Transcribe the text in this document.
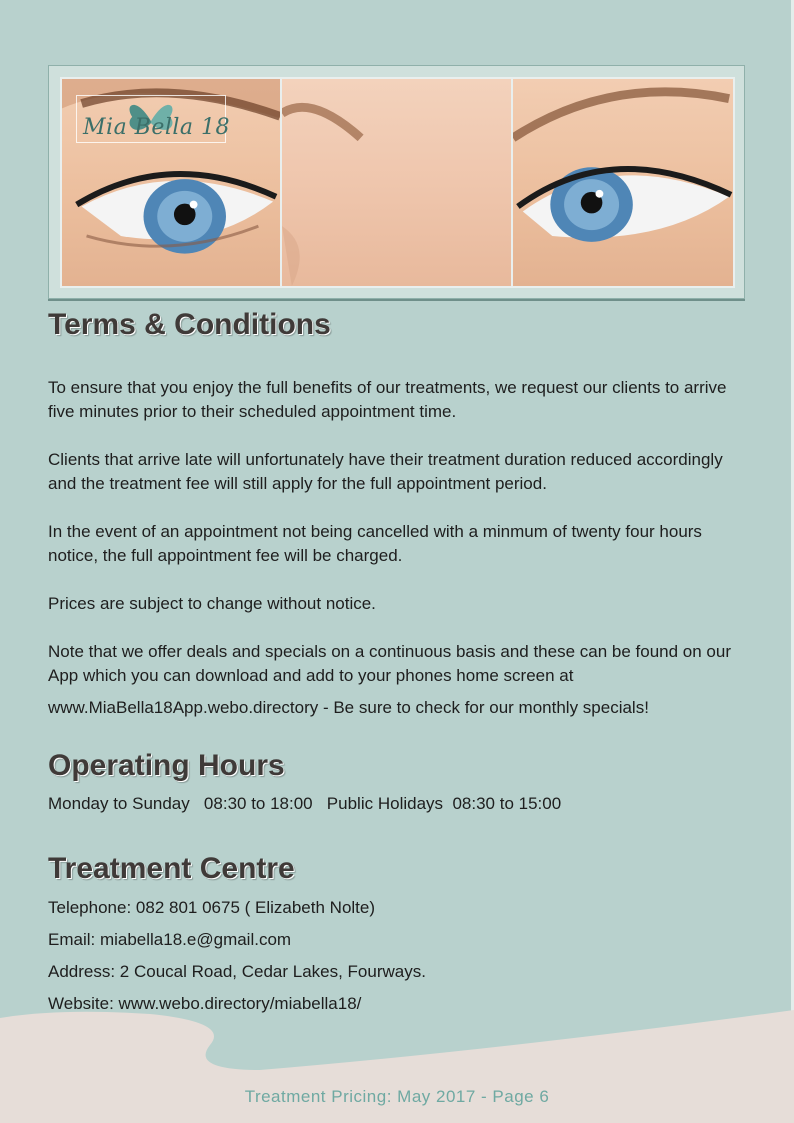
Mia Bella 18
Terms & Conditions

To ensure that you enjoy the full benefits of our treatments, we request our clients to arrive five minutes prior to their scheduled appointment time.

Clients that arrive late will unfortunately have their treatment duration reduced accordingly and the treatment fee will still apply for the full appointment period.

In the event of an appointment not being cancelled with a minmum of twenty four hours notice, the full appointment fee will be charged.

Prices are subject to change without notice.

Note that we offer deals and specials on a continuous basis and these can be found on our App which you can download and add to your phones home screen at

www.MiaBella18App.webo.directory - Be sure to check for our monthly specials!

Operating Hours

Monday to Sunday   08:30 to 18:00   Public Holidays  08:30 to 15:00

Treatment Centre

Telephone: 082 801 0675 ( Elizabeth Nolte)

Email: miabella18.e@gmail.com

Address: 2 Coucal Road, Cedar Lakes, Fourways.

Website: www.webo.directory/miabella18/

Treatment Pricing: May 2017 - Page 6
